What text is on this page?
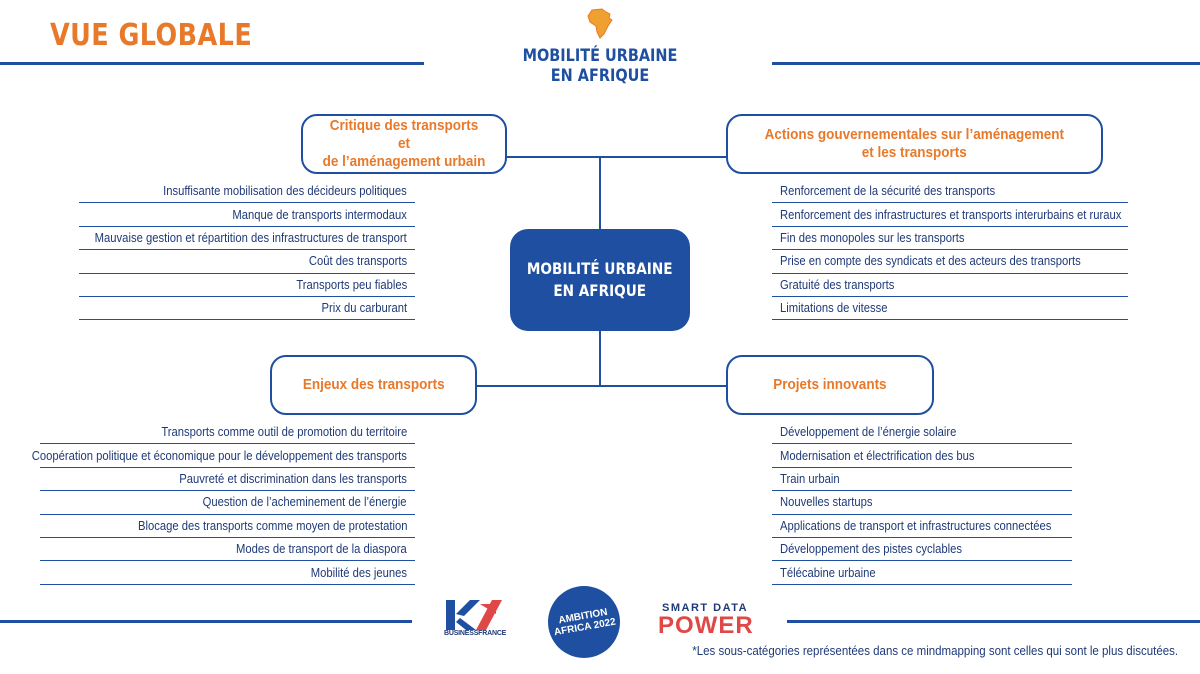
VUE GLOBALE
MOBILITÉ URBAINE
EN AFRIQUE
MOBILITÉ URBAINE
EN AFRIQUE
Critique des transports et
de l’aménagement urbain
Insuffisante mobilisation des décideurs politiques
Manque de transports intermodaux
Mauvaise gestion et répartition des infrastructures de transport
Coût des transports
Transports peu fiables
Prix du carburant
Actions gouvernementales sur l’aménagement
et les transports
Renforcement de la sécurité des transports
Renforcement des infrastructures et transports interurbains et ruraux
Fin des monopoles sur les transports
Prise en compte des syndicats et des acteurs des transports
Gratuité des transports
Limitations de vitesse
Enjeux des transports
Transports comme outil de promotion du territoire
Coopération politique et économique pour le développement des transports
Pauvreté et discrimination dans les transports
Question de l’acheminement de l’énergie
Blocage des transports comme moyen de protestation
Modes de transport de la diaspora
Mobilité des jeunes
Projets innovants
Développement de l’énergie solaire
Modernisation et électrification des bus
Train urbain
Nouvelles startups
Applications de transport et infrastructures connectées
Développement des pistes cyclables
Télécabine urbaine
BUSINESSFRANCE
AMBITION AFRICA 2022
SMART DATA
POWER
*Les sous-catégories représentées dans ce mindmapping sont celles qui sont le plus discutées.
